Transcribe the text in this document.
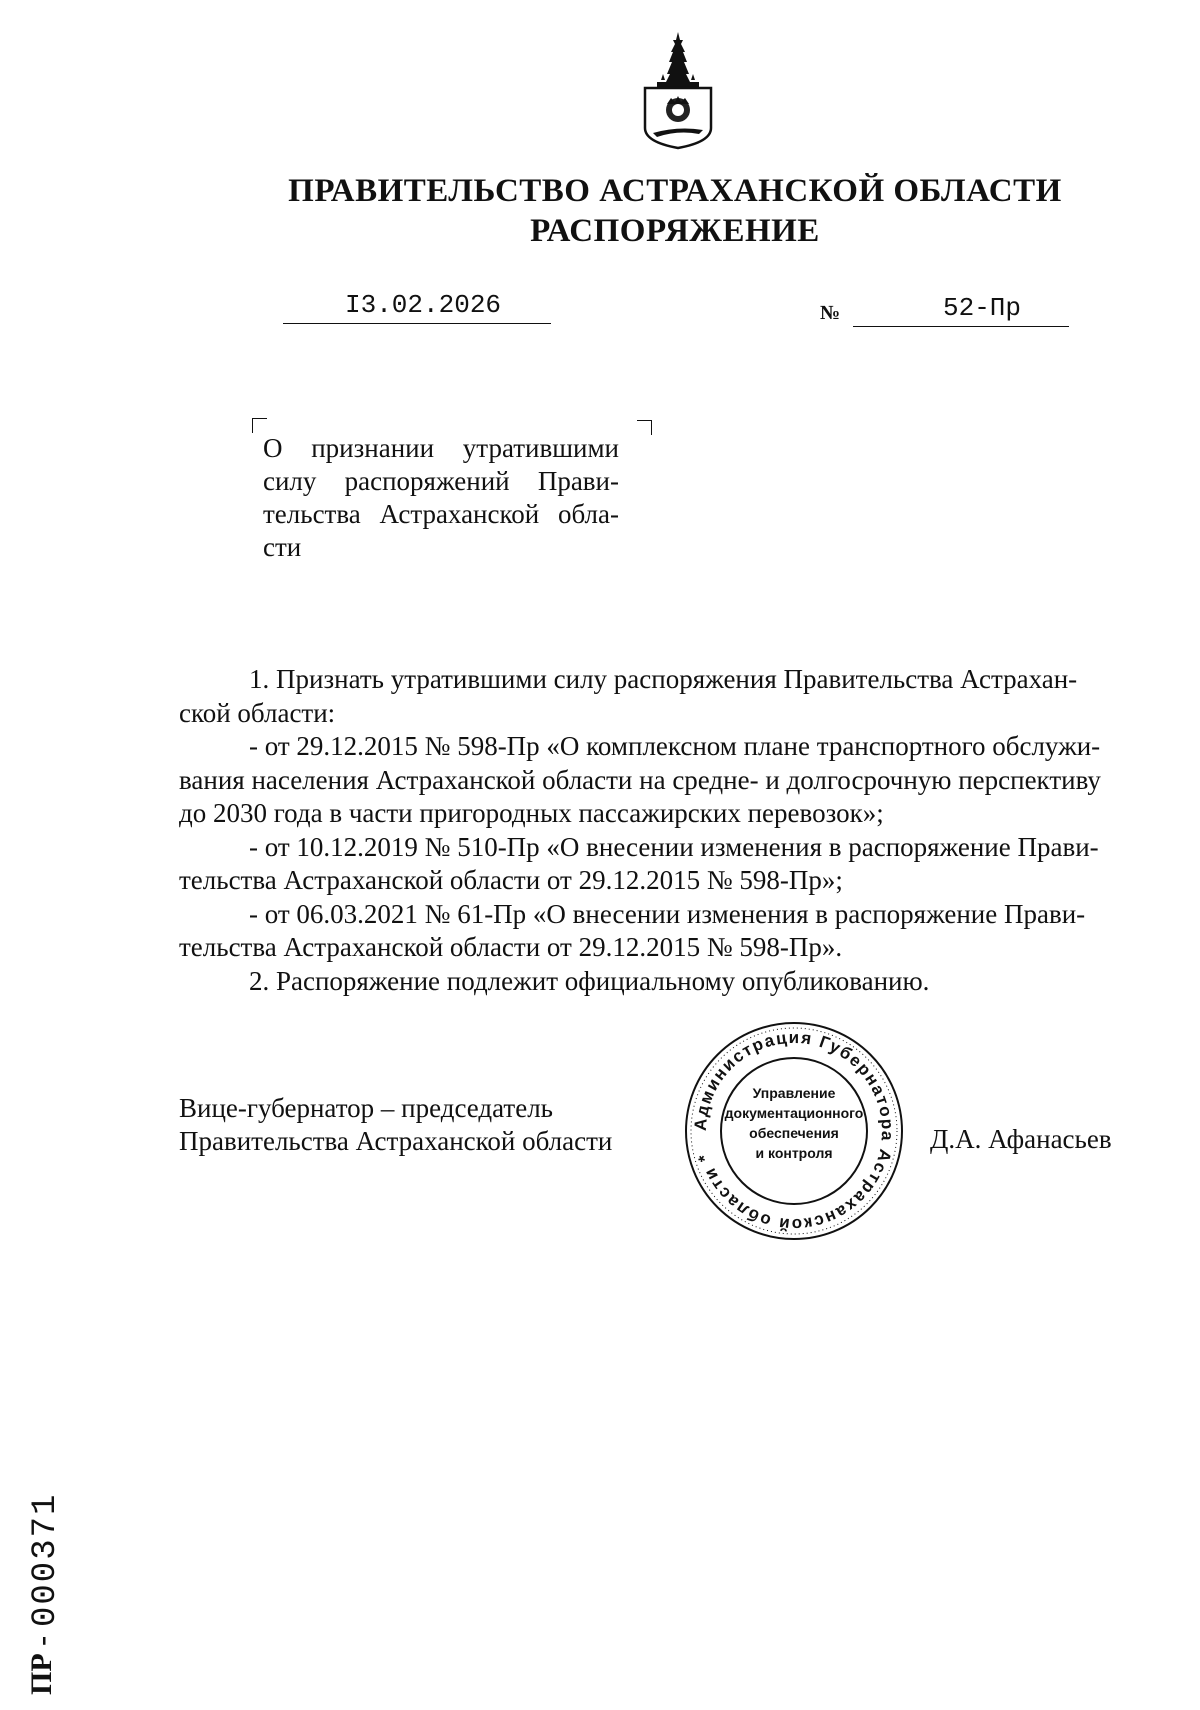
ПРАВИТЕЛЬСТВО АСТРАХАНСКОЙ ОБЛАСТИ
РАСПОРЯЖЕНИЕ
I3.02.2026	№	52-Пр
О признании утратившими
силу распоряжений Прави-
тельства Астраханской обла-
сти
1. Признать утратившими силу распоряжения Правительства Астрахан-
ской области:
- от 29.12.2015 № 598-Пр «О комплексном плане транспортного обслужи-
вания населения Астраханской области на средне- и долгосрочную перспективу
до 2030 года в части пригородных пассажирских перевозок»;
- от 10.12.2019 № 510-Пр «О внесении изменения в распоряжение Прави-
тельства Астраханской области от 29.12.2015 № 598-Пр»;
- от 06.03.2021 № 61-Пр «О внесении изменения в распоряжение Прави-
тельства Астраханской области от 29.12.2015 № 598-Пр».
2. Распоряжение подлежит официальному опубликованию.
Вице-губернатор – председатель
Правительства Астраханской области
Администрация Губернатора Астраханской области *
Управление
документационного
обеспечения
и контроля	Д.А. Афанасьев
ПР -
000371
